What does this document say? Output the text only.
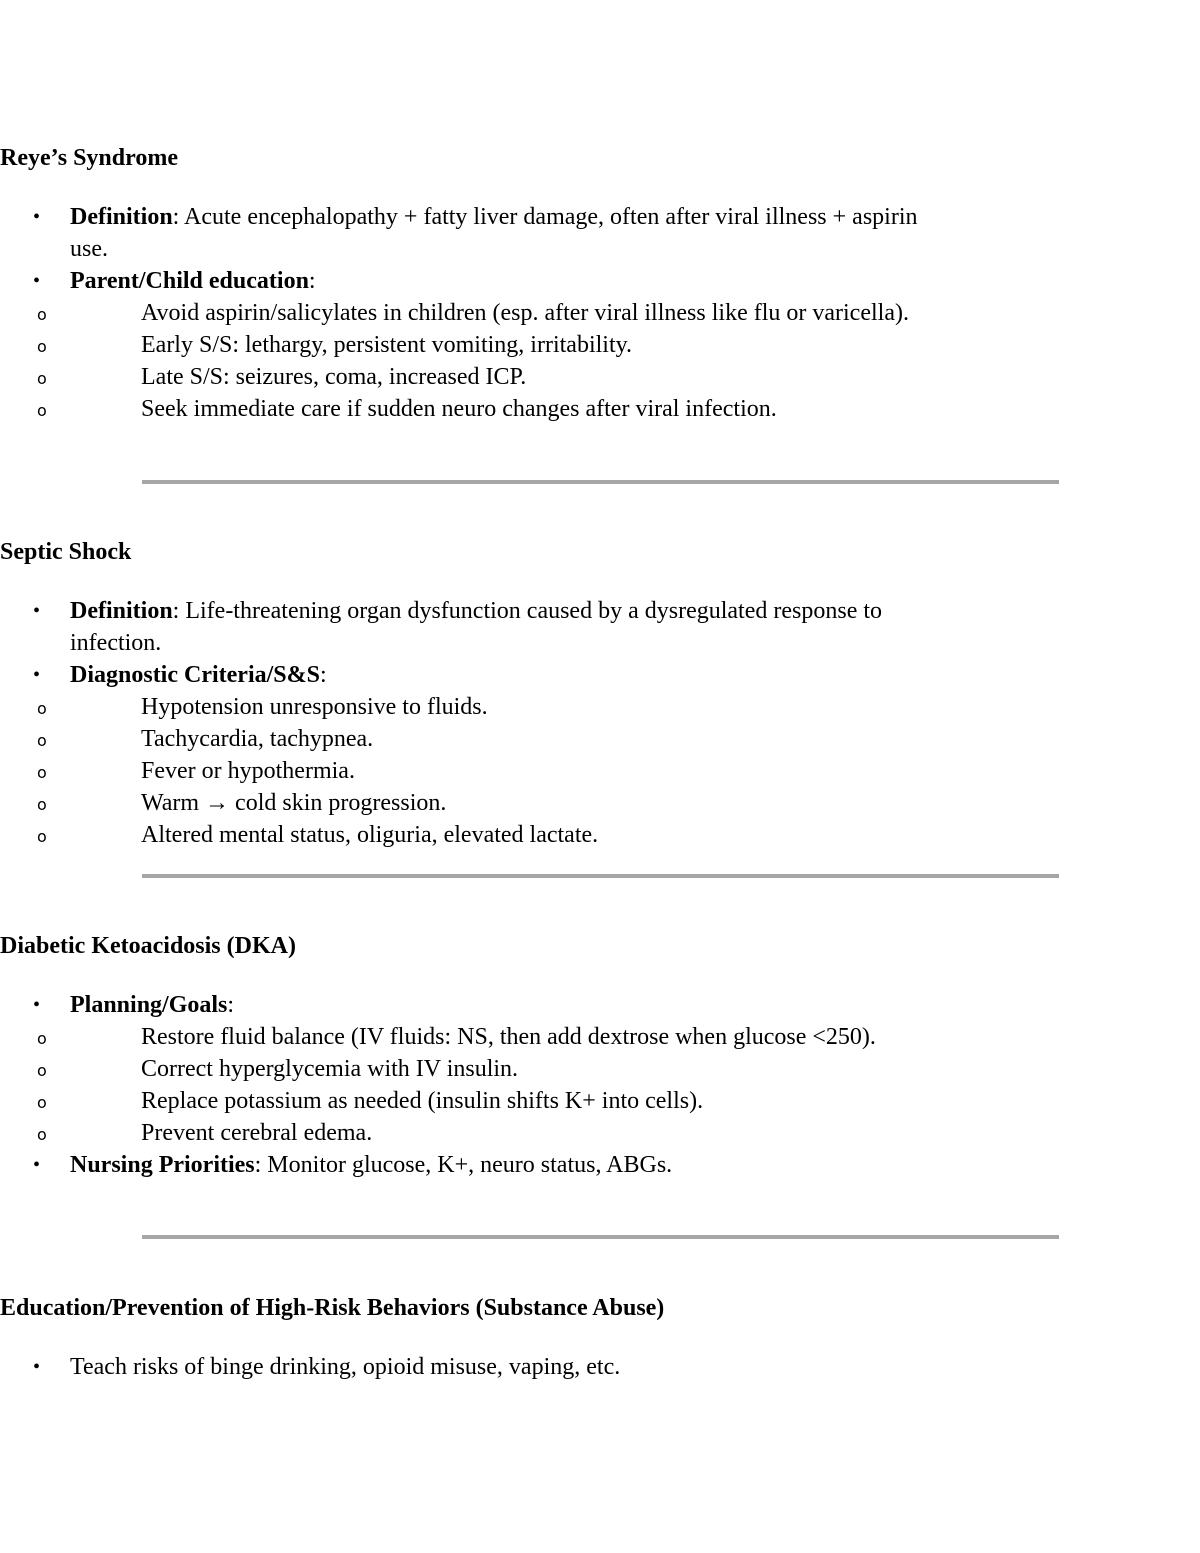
Reye’s Syndrome
• Definition: Acute encephalopathy + fatty liver damage, often after viral illness + aspirin use.
• Parent/Child education:
o	Avoid aspirin/salicylates in children (esp. after viral illness like flu or varicella).
o	Early S/S: lethargy, persistent vomiting, irritability.
o	Late S/S: seizures, coma, increased ICP.
o	Seek immediate care if sudden neuro changes after viral infection.
Septic Shock
• Definition: Life-threatening organ dysfunction caused by a dysregulated response to infection.
• Diagnostic Criteria/S&S:
o	Hypotension unresponsive to fluids.
o	Tachycardia, tachypnea.
o	Fever or hypothermia.
o	Warm → cold skin progression.
o	Altered mental status, oliguria, elevated lactate.
Diabetic Ketoacidosis (DKA)
• Planning/Goals:
o	Restore fluid balance (IV fluids: NS, then add dextrose when glucose <250).
o	Correct hyperglycemia with IV insulin.
o	Replace potassium as needed (insulin shifts K+ into cells).
o	Prevent cerebral edema.
• Nursing Priorities: Monitor glucose, K+, neuro status, ABGs.
Education/Prevention of High-Risk Behaviors (Substance Abuse)
• Teach risks of binge drinking, opioid misuse, vaping, etc.
